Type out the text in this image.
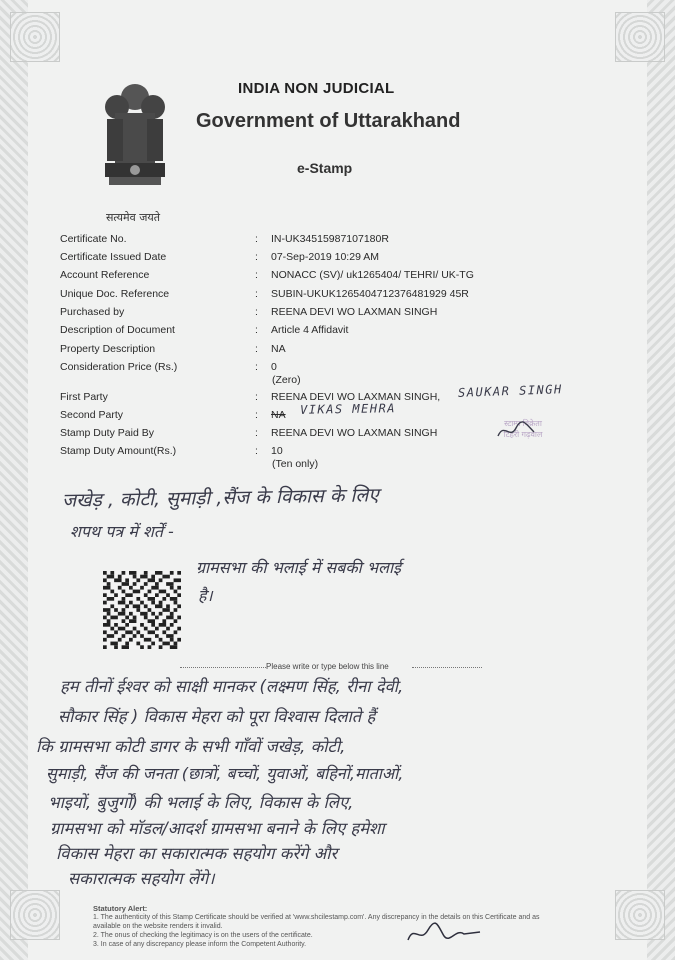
सत्यमेव जयते
INDIA NON JUDICIAL
Government of Uttarakhand
e-Stamp
Certificate No.	: IN-UK34515987107180R
Certificate Issued Date	: 07-Sep-2019 10:29 AM
Account Reference	: NONACC (SV)/ uk1265404/ TEHRI/ UK-TG
Unique Doc. Reference	: SUBIN-UKUK1265404712376481929 45R
Purchased by	: REENA DEVI WO LAXMAN SINGH
Description of Document	: Article 4 Affidavit
Property Description	: NA
Consideration Price (Rs.)	: 0
(Zero)
First Party	: REENA DEVI WO LAXMAN SINGH, SAUKAR SINGH
Second Party	: NA VIKAS MEHRA
Stamp Duty Paid By	: REENA DEVI WO LAXMAN SINGH
Stamp Duty Amount(Rs.)	: 10
(Ten only)
स्टाम्प विक्रेता
टिहरी गढ़वाल
जखेड़ , कोटी, सुमाड़ी ,सैंज के विकास के लिए
शपथ पत्र में शर्तें -
ग्रामसभा की भलाई में सबकी भलाई
है।
Please write or type below this line
हम तीनों ईश्वर को साक्षी मानकर (लक्ष्मण सिंह, रीना देवी,
सौकार सिंह ) विकास मेहरा को पूरा विश्वास दिलाते हैं
कि ग्रामसभा कोटी डागर के सभी गाँवों जखेड़, कोटी,
सुमाड़ी, सैंज की जनता (छात्रों, बच्चों, युवाओं, बहिनों,माताओं,
भाइयों, बुजुर्गों) की भलाई के लिए, विकास के लिए,
ग्रामसभा को मॉडल/आदर्श ग्रामसभा बनाने के लिए हमेशा
विकास मेहरा का सकारात्मक सहयोग करेंगे और
सकारात्मक सहयोग लेंगे।
Statutory Alert:
1. The authenticity of this Stamp Certificate should be verified at 'www.shcilestamp.com'. Any discrepancy in the details on this Certificate and as
available on the website renders it invalid.
2. The onus of checking the legitimacy is on the users of the certificate.
3. In case of any discrepancy please inform the Competent Authority.
